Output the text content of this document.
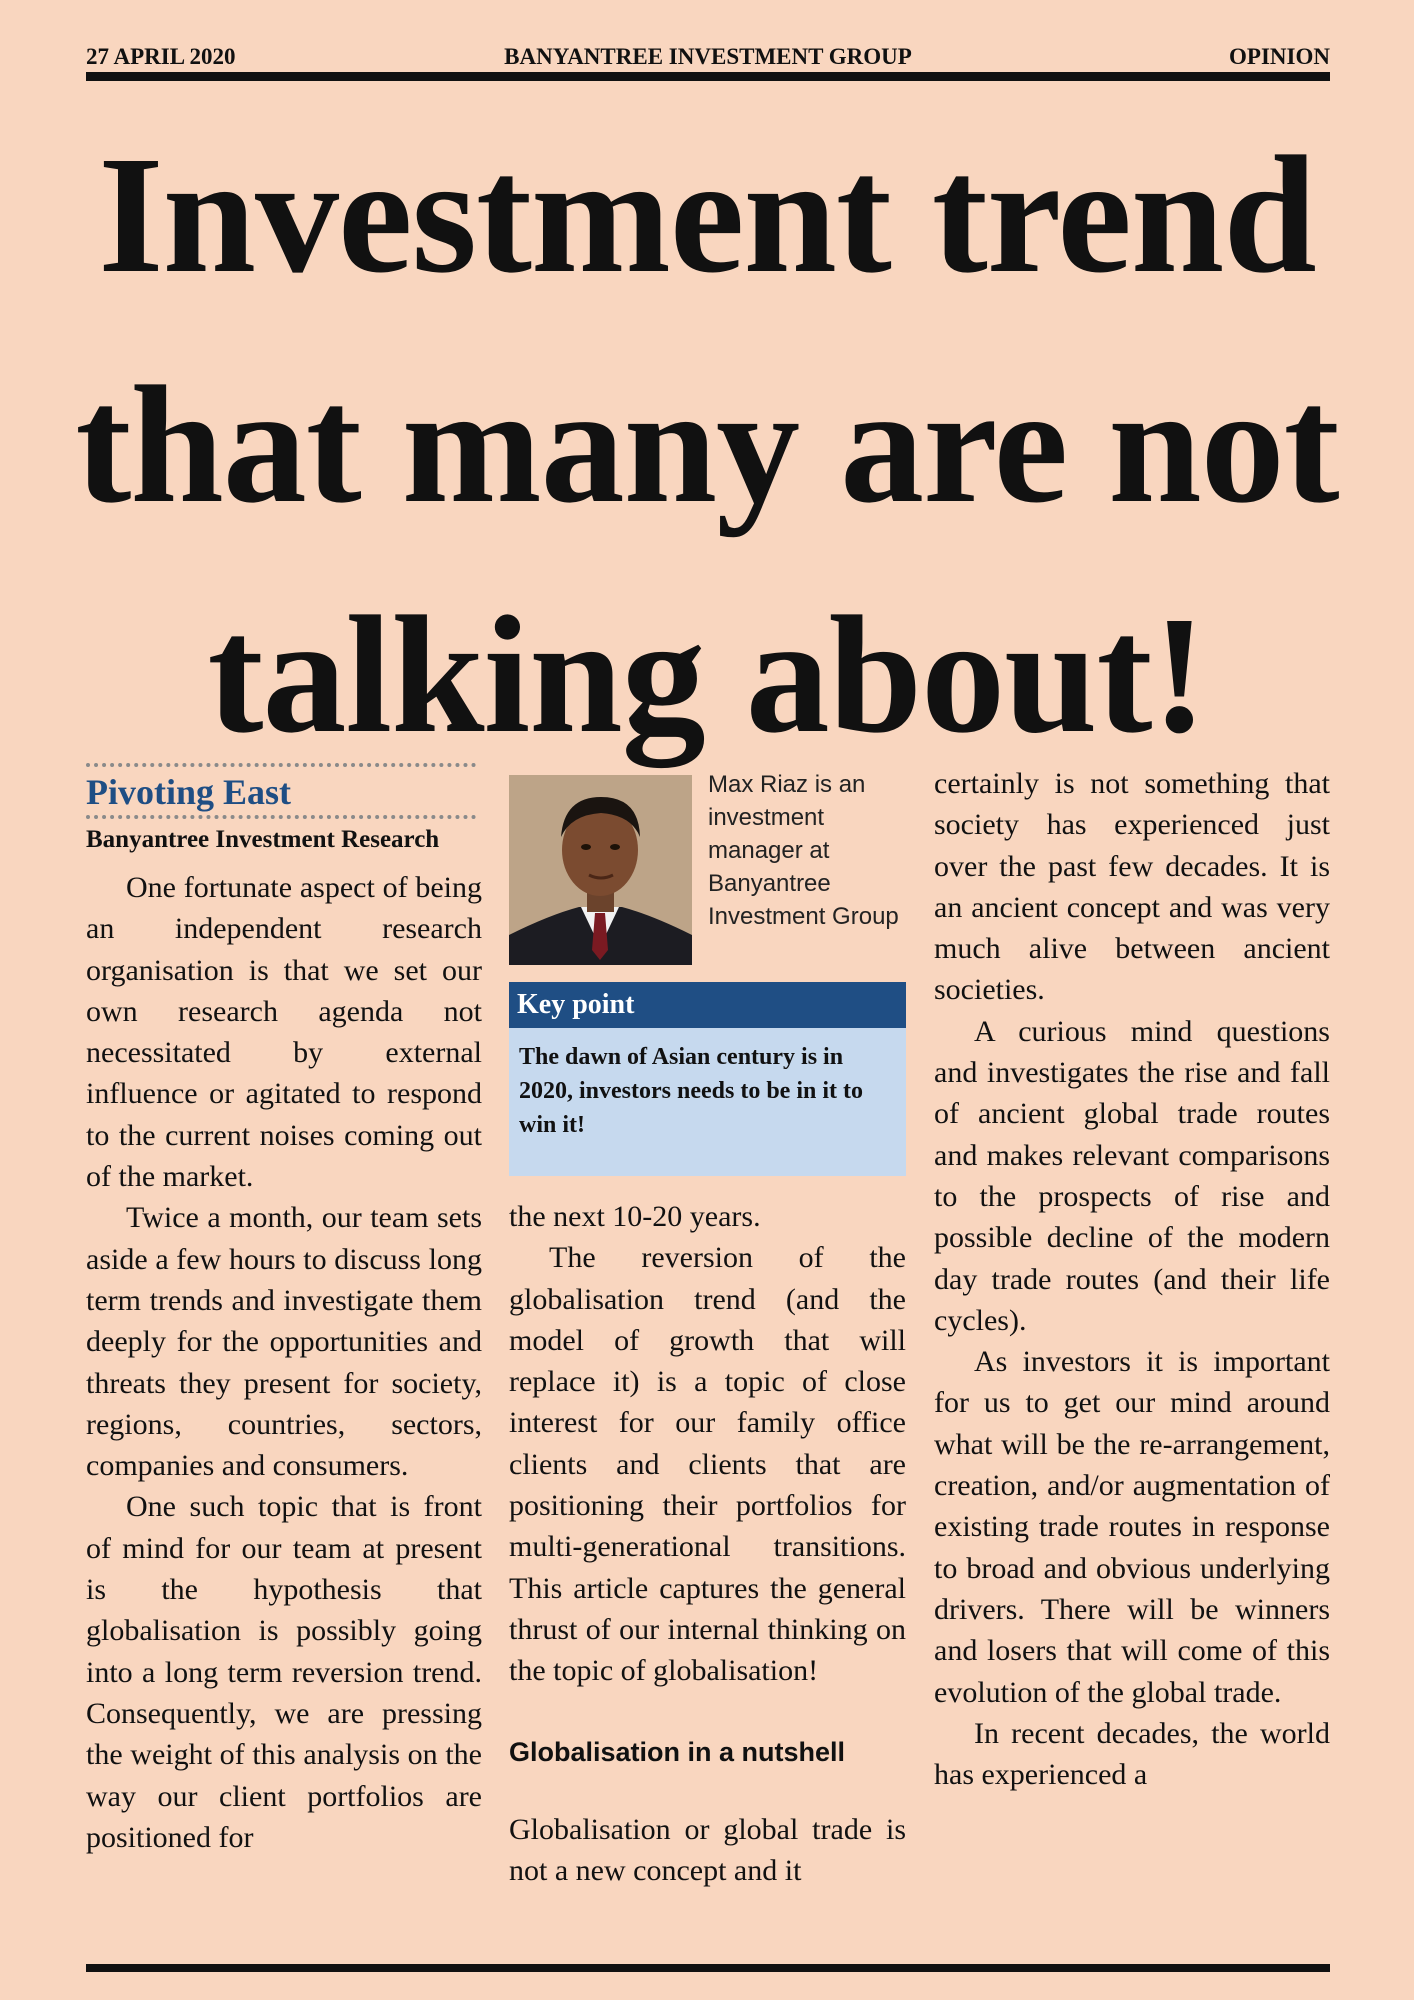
27 APRIL 2020	BANYANTREE INVESTMENT GROUP	OPINION
Investment trend
that many are not
talking about!
Pivoting East
Banyantree Investment Research

One fortunate aspect of being an independent research organisation is that we set our own research agenda not necessitated by external influence or agitated to respond to the current noises coming out of the market.

Twice a month, our team sets aside a few hours to discuss long term trends and investigate them deeply for the opportunities and threats they present for society, regions, countries, sectors, companies and consumers.

One such topic that is front of mind for our team at present is the hypothesis that globalisation is possibly going into a long term reversion trend. Consequently, we are pressing the weight of this analysis on the way our client portfolios are positioned for

Max Riaz is an investment manager at Banyantree Investment Group
Key point
The dawn of Asian century is in 2020, investors needs to be in it to win it!

the next 10-20 years.

The reversion of the globalisation trend (and the model of growth that will replace it) is a topic of close interest for our family office clients and clients that are positioning their portfolios for multi-generational transitions. This article captures the general thrust of our internal thinking on the topic of globalisation!

Globalisation in a nutshell

Globalisation or global trade is not a new concept and it

certainly is not something that society has experienced just over the past few decades. It is an ancient concept and was very much alive between ancient societies.

A curious mind questions and investigates the rise and fall of ancient global trade routes and makes relevant comparisons to the prospects of rise and possible decline of the modern day trade routes (and their life cycles).

As investors it is important for us to get our mind around what will be the re-arrangement, creation, and/or augmentation of existing trade routes in response to broad and obvious underlying drivers. There will be winners and losers that will come of this evolution of the global trade.

In recent decades, the world has experienced a
